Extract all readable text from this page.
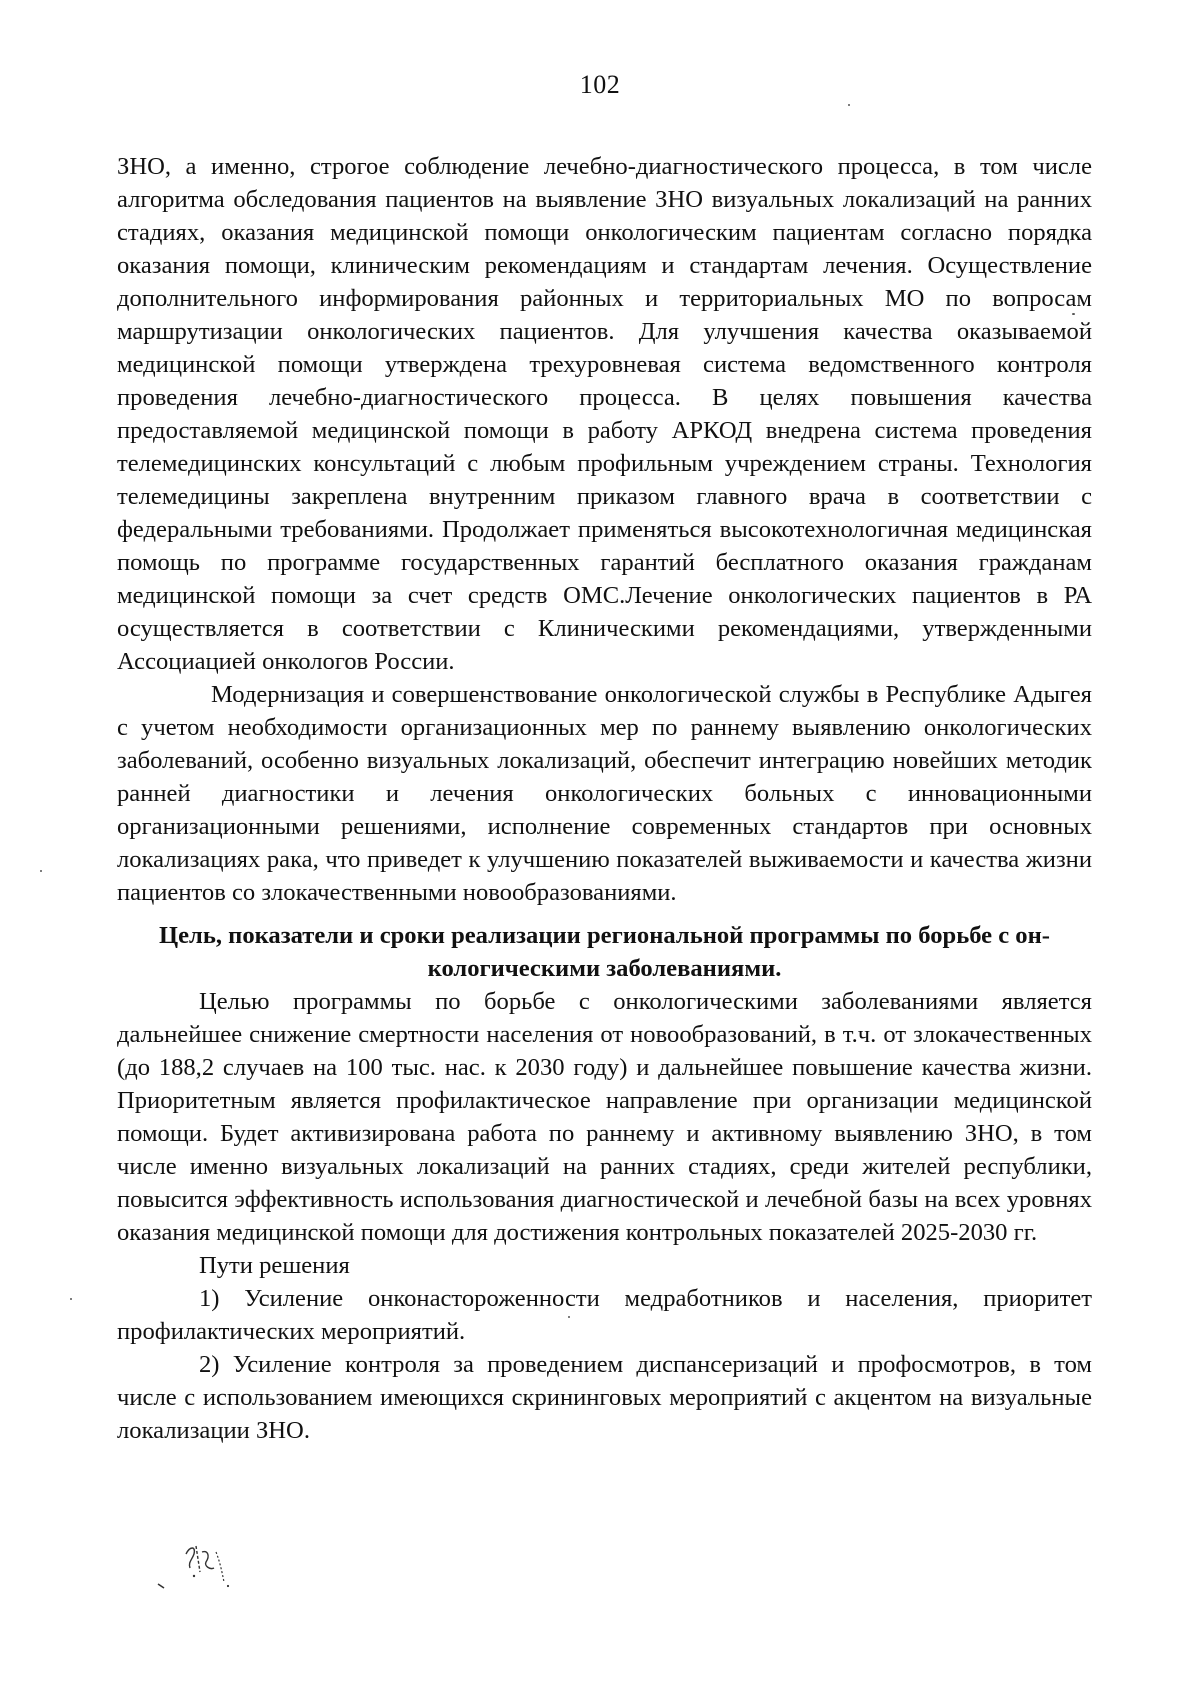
102

ЗНО, а именно, строгое соблюдение лечебно-диагностического процесса, в том числе алгоритма обследования пациентов на выявление ЗНО визуальных локализаций на ранних стадиях, оказания медицинской помощи онкологическим пациентам согласно порядка оказания помощи, клиническим рекомендациям и стандартам лечения. Осуществление дополнительного информирования районных и территориальных МО по вопросам маршрутизации онкологических пациентов. Для улучшения качества оказываемой медицинской помощи утверждена трехуровневая система ведомственного контроля проведения лечебно-диагностического процесса. В целях повышения качества предоставляемой медицинской помощи в работу АРКОД внедрена система проведения телемедицинских консультаций с любым профильным учреждением страны. Технология телемедицины закреплена внутренним приказом главного врача в соответствии с федеральными требованиями. Продолжает применяться высокотехнологичная медицинская помощь по программе государственных гарантий бесплатного оказания гражданам медицинской помощи за счет средств ОМС.Лечение онкологических пациентов в РА осуществляется в соответствии с Клиническими рекомендациями, утвержденными Ассоциацией онкологов России.

Модернизация и совершенствование онкологической службы в Республике Адыгея с учетом необходимости организационных мер по раннему выявлению онкологических заболеваний, особенно визуальных локализаций, обеспечит интеграцию новейших методик ранней диагностики и лечения онкологических больных с инновационными организационными решениями, исполнение современных стандартов при основных локализациях рака, что приведет к улучшению показателей выживаемости и качества жизни пациентов со злокачественными новообразованиями.

Цель, показатели и сроки реализации региональной программы по борьбе с он-
кологическими заболеваниями.

Целью программы по борьбе с онкологическими заболеваниями является дальнейшее снижение смертности населения от новообразований, в т.ч. от злокачественных (до 188,2 случаев на 100 тыс. нас. к 2030 году) и дальнейшее повышение качества жизни. Приоритетным является профилактическое направление при организации медицинской помощи. Будет активизирована работа по раннему и активному выявлению ЗНО, в том числе именно визуальных локализаций на ранних стадиях, среди жителей республики, повысится эффективность использования диагностической и лечебной базы на всех уровнях оказания медицинской помощи для достижения контрольных показателей 2025-2030 гг.

Пути решения

1) Усиление онконастороженности медработников и населения, приоритет профилактических мероприятий.

2) Усиление контроля за проведением диспансеризаций и профосмотров, в том числе с использованием имеющихся скрининговых мероприятий с акцентом на визуальные локализации ЗНО.
